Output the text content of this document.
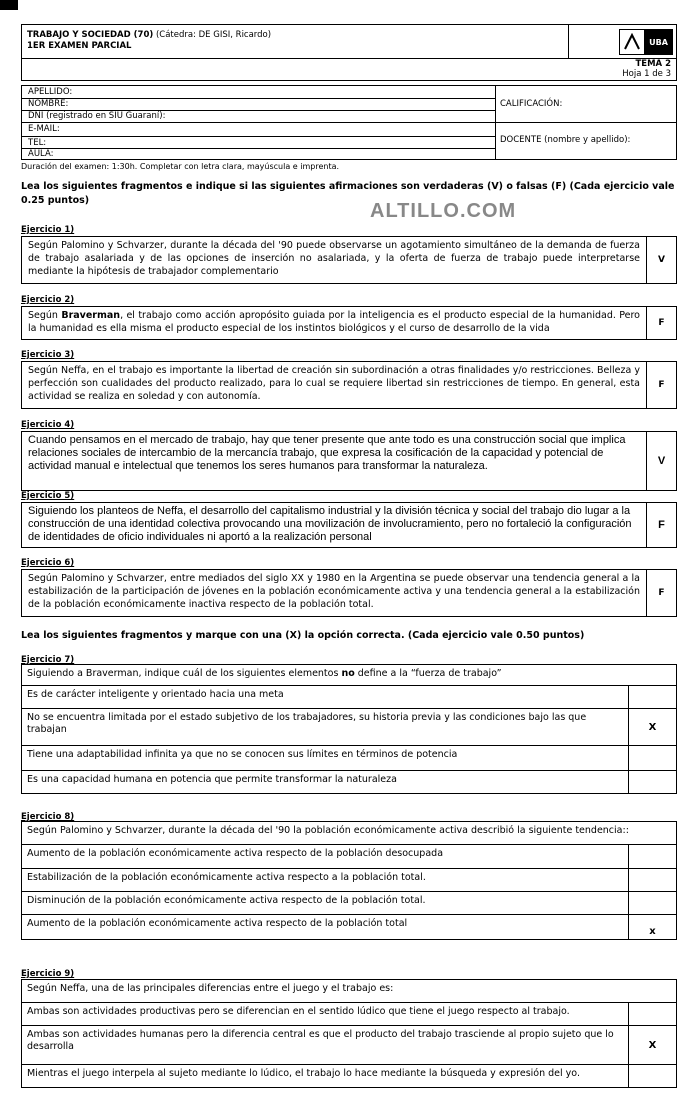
TRABAJO Y SOCIEDAD (70) (Cátedra: DE GISI, Ricardo)
1ER EXAMEN PARCIAL	UBA
TEMA 2
Hoja 1 de 3
APELLIDO:
NOMBRE:
DNI (registrado en SIU Guaraní):
E-MAIL:
TEL:
AULA:
CALIFICACIÓN:
DOCENTE (nombre y apellido):
Duración del examen: 1:30h. Completar con letra clara, mayúscula e imprenta.
Lea los siguientes fragmentos e indique si las siguientes afirmaciones son verdaderas (V) o falsas (F) (Cada ejercicio vale 0.25 puntos)	ALTILLO.COM
Ejercicio 1)
Según Palomino y Schvarzer, durante la década del '90 puede observarse un agotamiento simultáneo de la demanda de fuerza de trabajo asalariada y de las opciones de inserción no asalariada, y la oferta de fuerza de trabajo puede interpretarse mediante la hipótesis de trabajador complementario
V
Ejercicio 2)
Según Braverman, el trabajo como acción apropósito guiada por la inteligencia es el producto especial de la humanidad. Pero la humanidad es ella misma el producto especial de los instintos biológicos y el curso de desarrollo de la vida	F
Ejercicio 3)
Según Neffa, en el trabajo es importante la libertad de creación sin subordinación a otras finalidades y/o restricciones. Belleza y perfección son cualidades del producto realizado, para lo cual se requiere libertad sin restricciones de tiempo. En general, esta actividad se realiza en soledad y con autonomía.
F
Ejercicio 4)
Cuando pensamos en el mercado de trabajo, hay que tener presente que ante todo es una construcción social que implica relaciones sociales de intercambio de la mercancía trabajo, que expresa la cosificación de la capacidad y potencial de actividad manual e intelectual que tenemos los seres humanos para transformar la naturaleza.	V
Ejercicio 5)
Siguiendo los planteos de Neffa, el desarrollo del capitalismo industrial y la división técnica y social del trabajo dio lugar a la construcción de una identidad colectiva provocando una movilización de involucramiento, pero no fortaleció la configuración de identidades de oficio individuales ni aportó a la realización personal
F
Ejercicio 6)
Según Palomino y Schvarzer, entre mediados del siglo XX y 1980 en la Argentina se puede observar una tendencia general a la estabilización de la participación de jóvenes en la población económicamente activa y una tendencia general a la estabilización de la población económicamente inactiva respecto de la población total.
F
Lea los siguientes fragmentos y marque con una (X) la opción correcta. (Cada ejercicio vale 0.50 puntos)
Ejercicio 7)
Siguiendo a Braverman, indique cuál de los siguientes elementos no define a la “fuerza de trabajo”
Es de carácter inteligente y orientado hacia una meta
No se encuentra limitada por el estado subjetivo de los trabajadores, su historia previa y las condiciones bajo las que trabajan	X
Tiene una adaptabilidad infinita ya que no se conocen sus límites en términos de potencia
Es una capacidad humana en potencia que permite transformar la naturaleza
Ejercicio 8)
Según Palomino y Schvarzer, durante la década del '90 la población económicamente activa describió la siguiente tendencia::
Aumento de la población económicamente activa respecto de la población desocupada
Estabilización de la población económicamente activa respecto a la población total.
Disminución de la población económicamente activa respecto de la población total.
Aumento de la población económicamente activa respecto de la población total
x
Ejercicio 9)
Según Neffa, una de las principales diferencias entre el juego y el trabajo es:
Ambas son actividades productivas pero se diferencian en el sentido lúdico que tiene el juego respecto al trabajo.
Ambas son actividades humanas pero la diferencia central es que el producto del trabajo trasciende al propio sujeto que lo desarrolla	X
Mientras el juego interpela al sujeto mediante lo lúdico, el trabajo lo hace mediante la búsqueda y expresión del yo.
